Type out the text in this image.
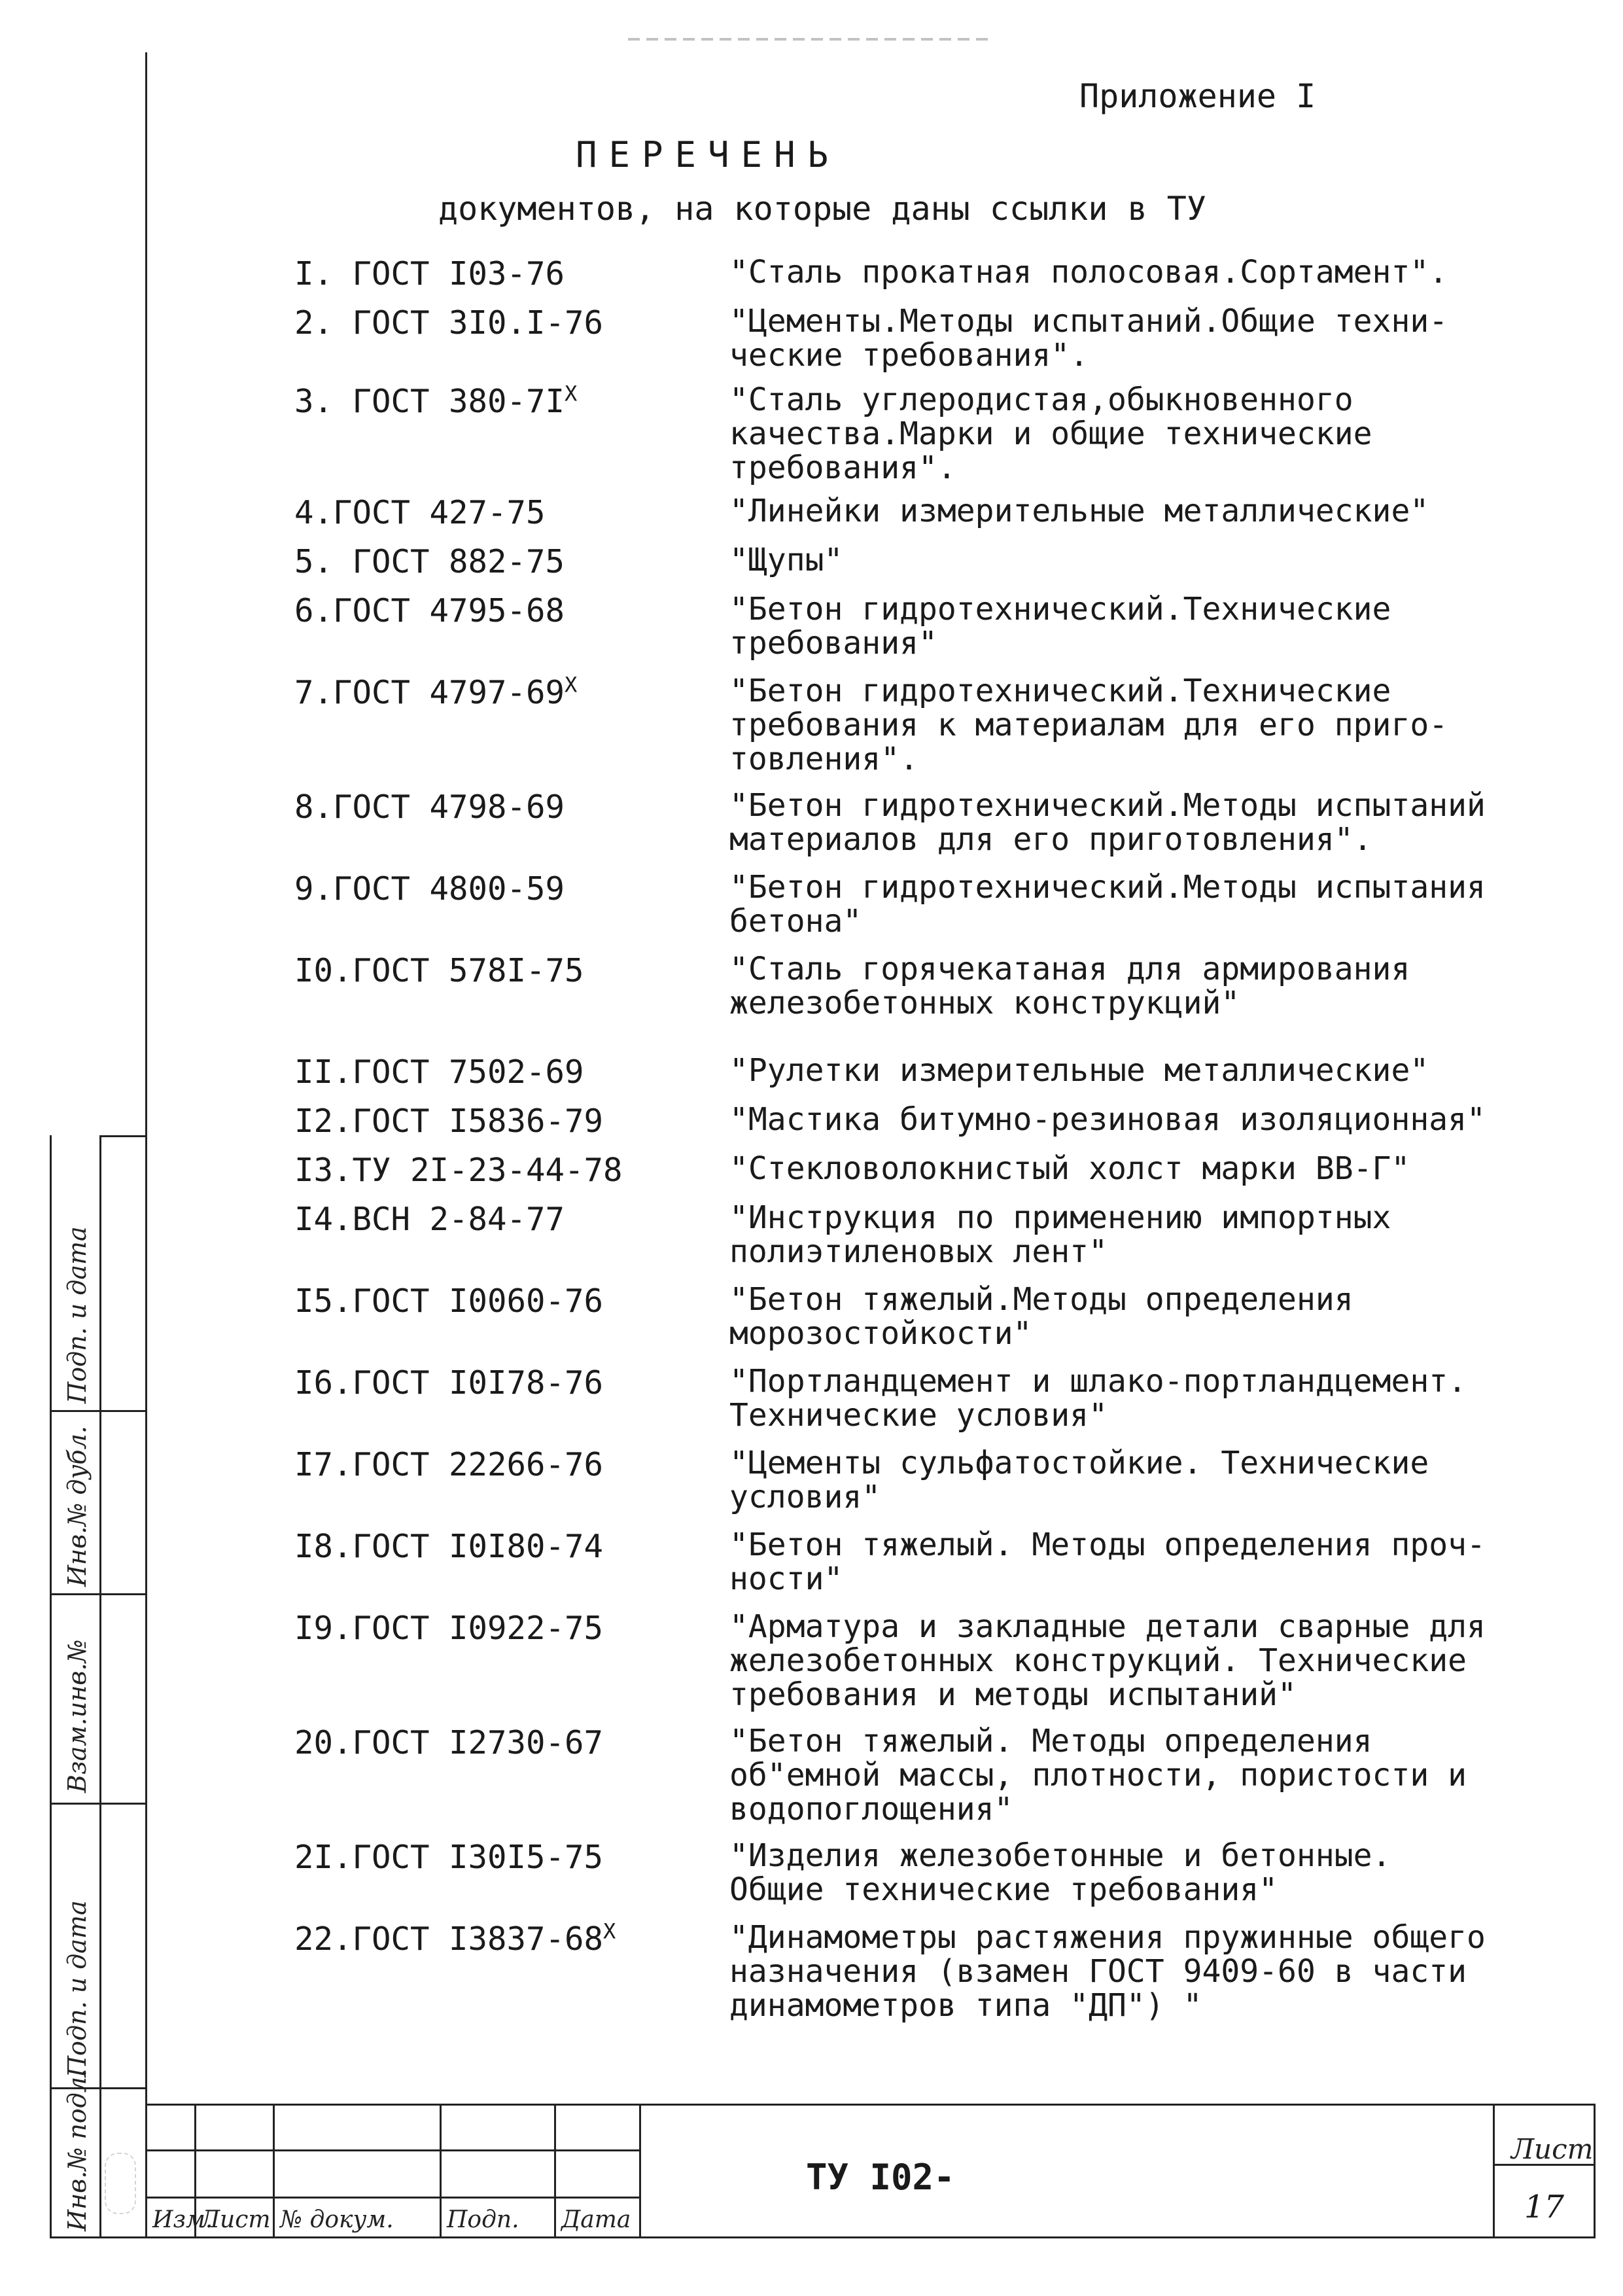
Приложение I
ПЕРЕЧЕНЬ
документов, на которые даны ссылки в ТУ
I. ГОСТ I03-76	"Сталь прокатная полосовая.Сортамент".
2. ГОСТ 3I0.I-76	"Цементы.Методы испытаний.Общие техни-
ческие требования".
3. ГОСТ $380-7I^X$	"Сталь углеродистая,обыкновенного
качества.Марки и общие технические
требования".
4.ГОСТ 427-75	"Линейки измерительные металлические"
5. ГОСТ 882-75	"Щупы"
6.ГОСТ 4795-68	"Бетон гидротехнический.Технические
требования"
7.ГОСТ $4797-69^X$	"Бетон гидротехнический.Технические
требования к материалам для его приго-
товления".
8.ГОСТ 4798-69	"Бетон гидротехнический.Методы испытаний
материалов для его приготовления".
9.ГОСТ 4800-59	"Бетон гидротехнический.Методы испытания
бетона"
I0.ГОСТ 578I-75	"Сталь горячекатаная для армирования
железобетонных конструкций"
II.ГОСТ 7502-69	"Рулетки измерительные металлические"
I2.ГОСТ I5836-79	"Мастика битумно-резиновая изоляционная"
I3.ТУ 2I-23-44-78	"Стекловолокнистый холст марки ВВ-Г"
I4.ВСН 2-84-77	"Инструкция по применению импортных
полиэтиленовых лент"
I5.ГОСТ I0060-76	"Бетон тяжелый.Методы определения
морозостойкости"
I6.ГОСТ I0I78-76	"Портландцемент и шлако-портландцемент.
Технические условия"
I7.ГОСТ 22266-76	"Цементы сульфатостойкие. Технические
условия"
I8.ГОСТ I0I80-74	"Бетон тяжелый. Методы определения проч-
ности"
I9.ГОСТ I0922-75	"Арматура и закладные детали сварные для
железобетонных конструкций. Технические
требования и методы испытаний"
20.ГОСТ I2730-67	"Бетон тяжелый. Методы определения
об"емной массы, плотности, пористости и
водопоглощения"
2I.ГОСТ I30I5-75	"Изделия железобетонные и бетонные.
Общие технические требования"
22.ГОСТ $I3837-68^X$	"Динамометры растяжения пружинные общего
назначения (взамен ГОСТ 9409-60 в части
динамометров типа "ДП") "
Инв.№ подл.
Подп. и дата
Взам.инв.№
Инв.№ дубл.
Подп. и дата
Изм.
Лист № докум. Подп. Дата
ТУ I02-
Лист
17
